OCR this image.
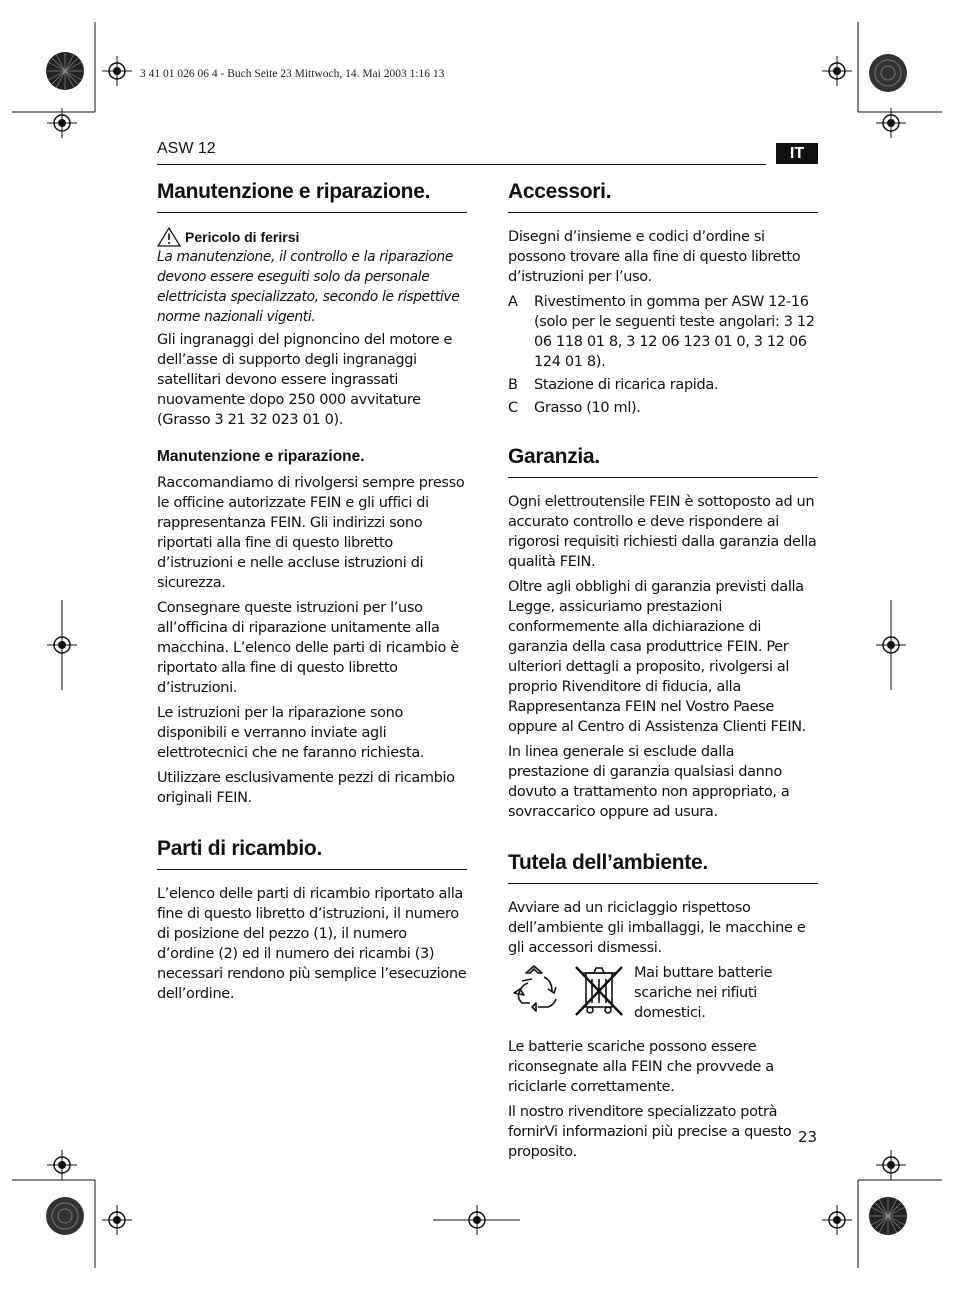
3 41 01 026 06 4 - Buch Seite 23 Mittwoch, 14. Mai 2003 1:16 13
ASW 12	IT
Manutenzione e riparazione.
Pericolo di ferirsi

La manutenzione, il controllo e la riparazione devono essere eseguiti solo da personale elettricista specializzato, secondo le rispettive norme nazionali vigenti.

Gli ingranaggi del pignoncino del motore e dell’asse di supporto degli ingranaggi satellitari devono essere ingrassati nuovamente dopo 250 000 avvitature (Grasso 3 21 32 023 01 0).

Manutenzione e riparazione.

Raccomandiamo di rivolgersi sempre presso le officine autorizzate FEIN e gli uffici di rappresentanza FEIN. Gli indirizzi sono riportati alla fine di questo libretto d’istruzioni e nelle accluse istruzioni di sicurezza.

Consegnare queste istruzioni per l’uso all’officina di riparazione unitamente alla macchina. L’elenco delle parti di ricambio è riportato alla fine di questo libretto d’istruzioni.

Le istruzioni per la riparazione sono disponibili e verranno inviate agli elettrotecnici che ne faranno richiesta.

Utilizzare esclusivamente pezzi di ricambio originali FEIN.

Parti di ricambio.

L’elenco delle parti di ricambio riportato alla fine di questo libretto d’istruzioni, il numero di posizione del pezzo (1), il numero d’ordine (2) ed il numero dei ricambi (3) necessari rendono più semplice l’esecuzione dell’ordine.

Accessori.

Disegni d’insieme e codici d’ordine si possono trovare alla fine di questo libretto d’istruzioni per l’uso.

A	Rivestimento in gomma per ASW 12-16 (solo per le seguenti teste angolari: 3 12 06 118 01 8, 3 12 06 123 01 0, 3 12 06 124 01 8).

B	Stazione di ricarica rapida.

C	Grasso (10 ml).

Garanzia.

Ogni elettroutensile FEIN è sottoposto ad un accurato controllo e deve rispondere ai rigorosi requisiti richiesti dalla garanzia della qualità FEIN.

Oltre agli obblighi di garanzia previsti dalla Legge, assicuriamo prestazioni conformemente alla dichiarazione di garanzia della casa produttrice FEIN. Per ulteriori dettagli a proposito, rivolgersi al proprio Rivenditore di fiducia, alla Rappresentanza FEIN nel Vostro Paese oppure al Centro di Assistenza Clienti FEIN.

In linea generale si esclude dalla prestazione di garanzia qualsiasi danno dovuto a trattamento non appropriato, a sovraccarico oppure ad usura.

Tutela dell’ambiente.

Avviare ad un riciclaggio rispettoso dell’ambiente gli imballaggi, le macchine e gli accessori dismessi.

Mai buttare batterie scariche nei rifiuti domestici.

Le batterie scariche possono essere riconsegnate alla FEIN che provvede a riciclarle correttamente.

Il nostro rivenditore specializzato potrà fornirVi informazioni più precise a questo proposito.

23
